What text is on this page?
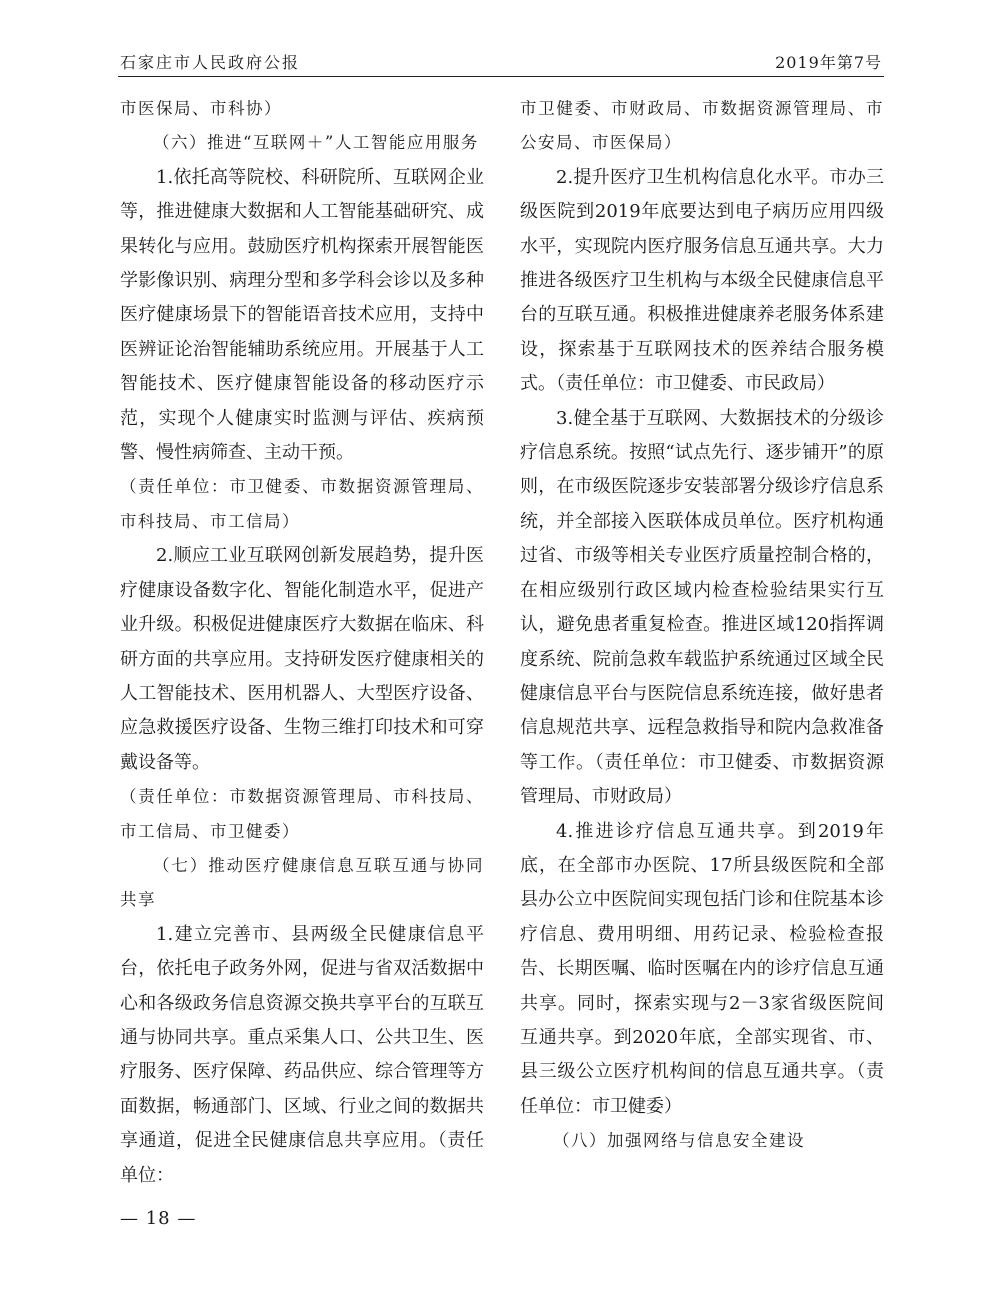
石家庄市人民政府公报	2019年第7号

市医保局、市科协）

（六）推进“互联网＋”人工智能应用服务

1.依托高等院校、科研院所、互联网企业等，推进健康大数据和人工智能基础研究、成果转化与应用。鼓励医疗机构探索开展智能医学影像识别、病理分型和多学科会诊以及多种医疗健康场景下的智能语音技术应用，支持中医辨证论治智能辅助系统应用。开展基于人工智能技术、医疗健康智能设备的移动医疗示范，实现个人健康实时监测与评估、疾病预警、慢性病筛查、主动干预。

（责任单位：市卫健委、市数据资源管理局、市科技局、市工信局）

2.顺应工业互联网创新发展趋势，提升医疗健康设备数字化、智能化制造水平，促进产业升级。积极促进健康医疗大数据在临床、科研方面的共享应用。支持研发医疗健康相关的人工智能技术、医用机器人、大型医疗设备、应急救援医疗设备、生物三维打印技术和可穿戴设备等。

（责任单位：市数据资源管理局、市科技局、市工信局、市卫健委）

（七）推动医疗健康信息互联互通与协同共享

1.建立完善市、县两级全民健康信息平台，依托电子政务外网，促进与省双活数据中心和各级政务信息资源交换共享平台的互联互通与协同共享。重点采集人口、公共卫生、医疗服务、医疗保障、药品供应、综合管理等方面数据，畅通部门、区域、行业之间的数据共享通道，促进全民健康信息共享应用。（责任单位：

市卫健委、市财政局、市数据资源管理局、市公安局、市医保局）

2.提升医疗卫生机构信息化水平。市办三级医院到2019年底要达到电子病历应用四级水平，实现院内医疗服务信息互通共享。大力推进各级医疗卫生机构与本级全民健康信息平台的互联互通。积极推进健康养老服务体系建设，探索基于互联网技术的医养结合服务模式。（责任单位：市卫健委、市民政局）

3.健全基于互联网、大数据技术的分级诊疗信息系统。按照“试点先行、逐步铺开”的原则，在市级医院逐步安装部署分级诊疗信息系统，并全部接入医联体成员单位。医疗机构通过省、市级等相关专业医疗质量控制合格的，在相应级别行政区域内检查检验结果实行互认，避免患者重复检查。推进区域120指挥调度系统、院前急救车载监护系统通过区域全民健康信息平台与医院信息系统连接，做好患者信息规范共享、远程急救指导和院内急救准备等工作。（责任单位：市卫健委、市数据资源管理局、市财政局）

4.推进诊疗信息互通共享。到2019年底，在全部市办医院、17所县级医院和全部县办公立中医院间实现包括门诊和住院基本诊疗信息、费用明细、用药记录、检验检查报告、长期医嘱、临时医嘱在内的诊疗信息互通共享。同时，探索实现与2－3家省级医院间互通共享。到2020年底，全部实现省、市、县三级公立医疗机构间的信息互通共享。（责任单位：市卫健委）

（八）加强网络与信息安全建设

— 18 —
